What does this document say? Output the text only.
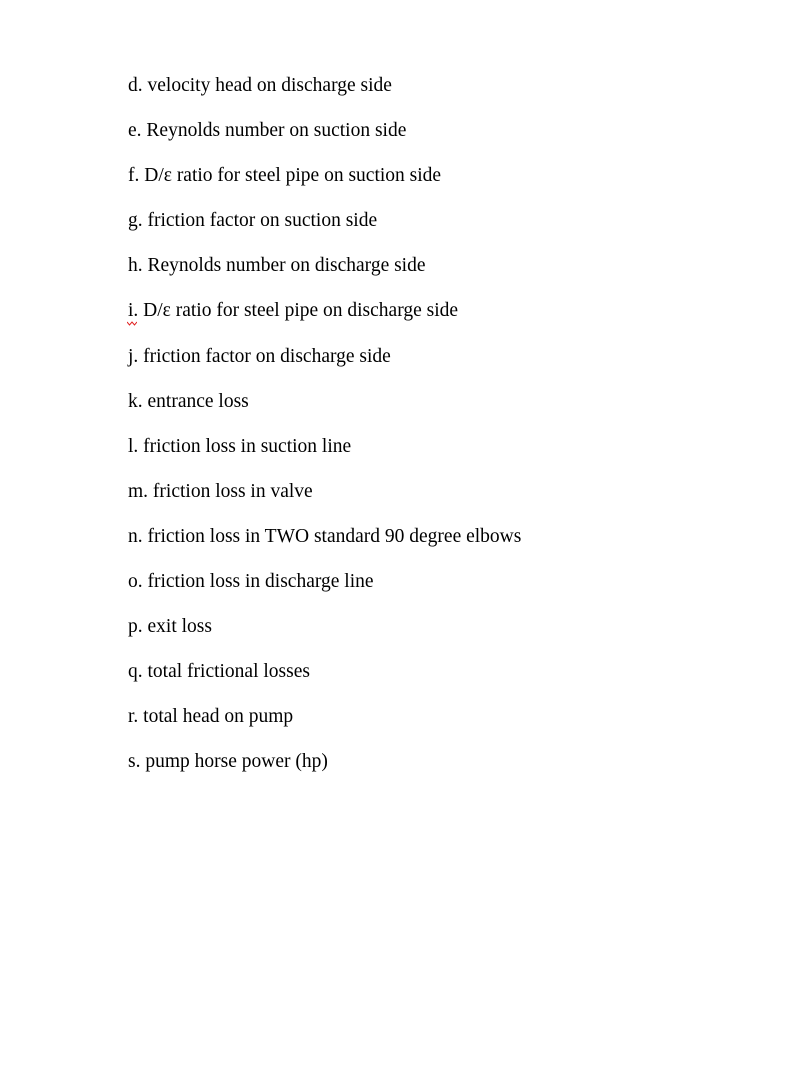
d. velocity head on discharge side
e. Reynolds number on suction side
f. D/ε ratio for steel pipe on suction side
g. friction factor on suction side
h. Reynolds number on discharge side
i.
D/ε ratio for steel pipe on discharge side
j. friction factor on discharge side
k. entrance loss
l. friction loss in suction line
m. friction loss in valve
n. friction loss in TWO standard 90 degree elbows
o. friction loss in discharge line
p. exit loss
q. total frictional losses
r. total head on pump
s. pump horse power (hp)
